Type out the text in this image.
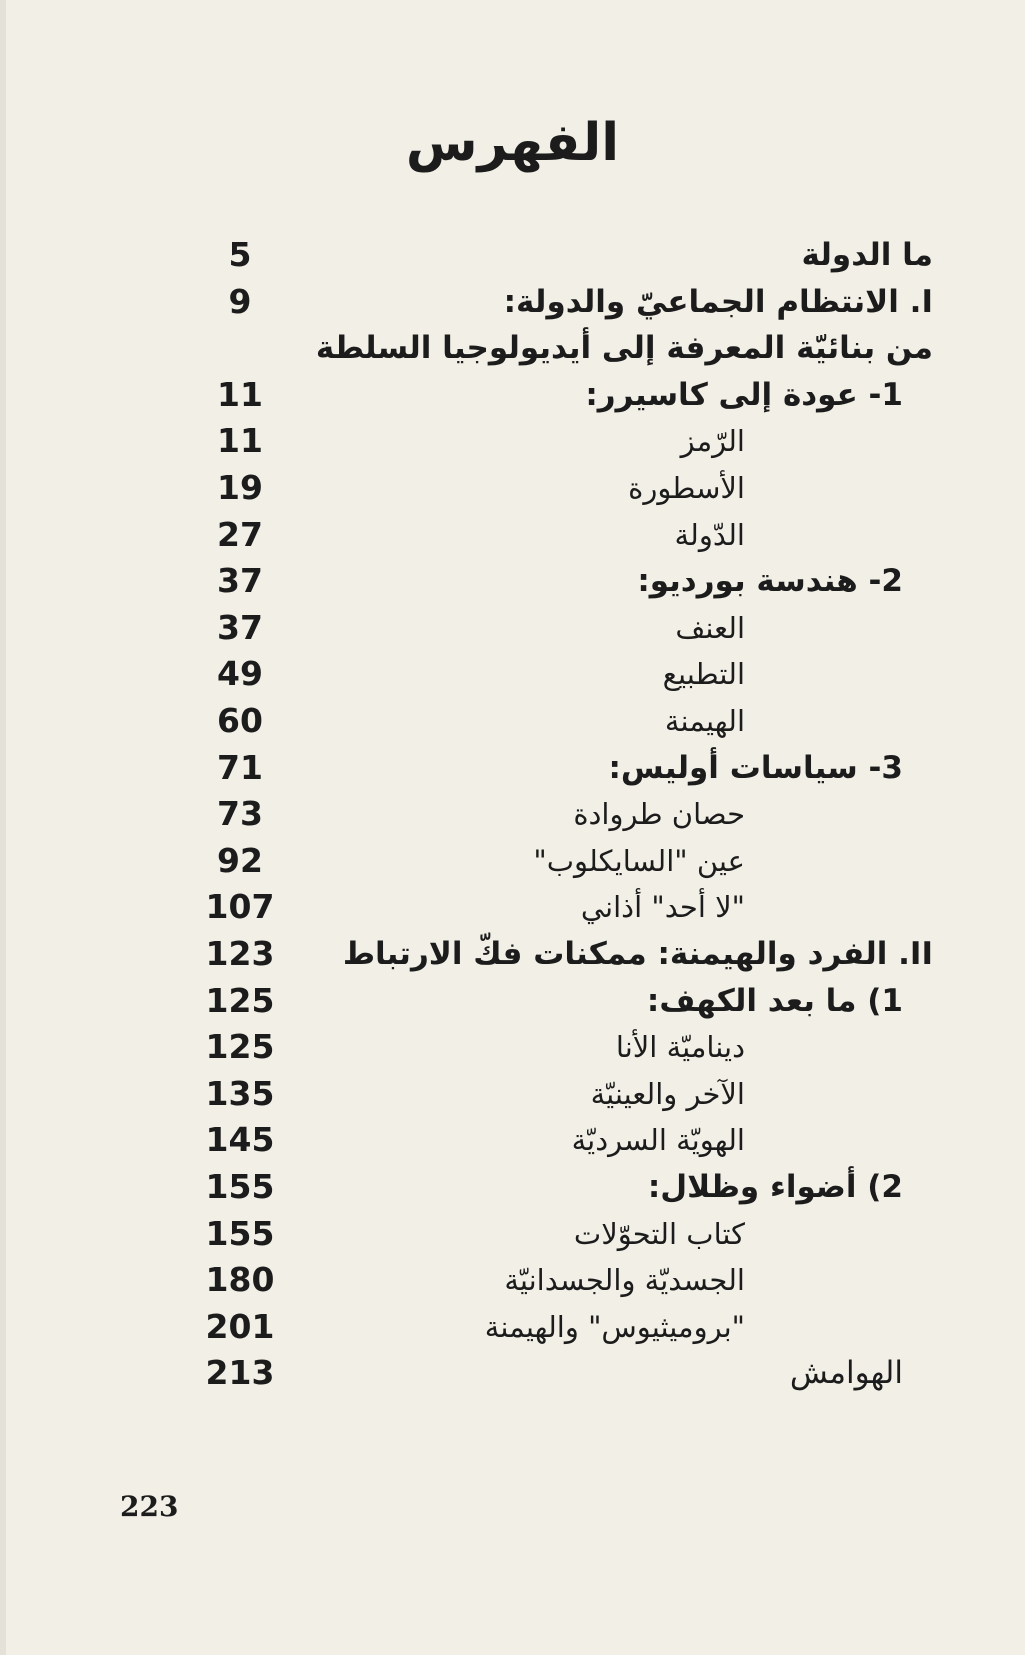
الفهرس
ما الدولة
5
I. الانتظام الجماعيّ والدولة:
9
من بنائيّة المعرفة إلى أيديولوجيا السلطة
1- عودة إلى كاسيرر:
11
الرّمز
11
الأسطورة
19
الدّولة
27
2- هندسة بورديو:
37
العنف
37
التطبيع
49
الهيمنة
60
3- سياسات أوليس:
71
حصان طروادة
73
عين "السايكلوب"
92
"لا أحد" أذاني
107
II. الفرد والهيمنة: ممكنات فكّ الارتباط
123
1) ما بعد الكهف:
125
ديناميّة الأنا
125
الآخر والعينيّة
135
الهويّة السرديّة
145
2) أضواء وظلال:
155
كتاب التحوّلات
155
الجسديّة والجسدانيّة
180
"بروميثيوس" والهيمنة
201
الهوامش
213
223
